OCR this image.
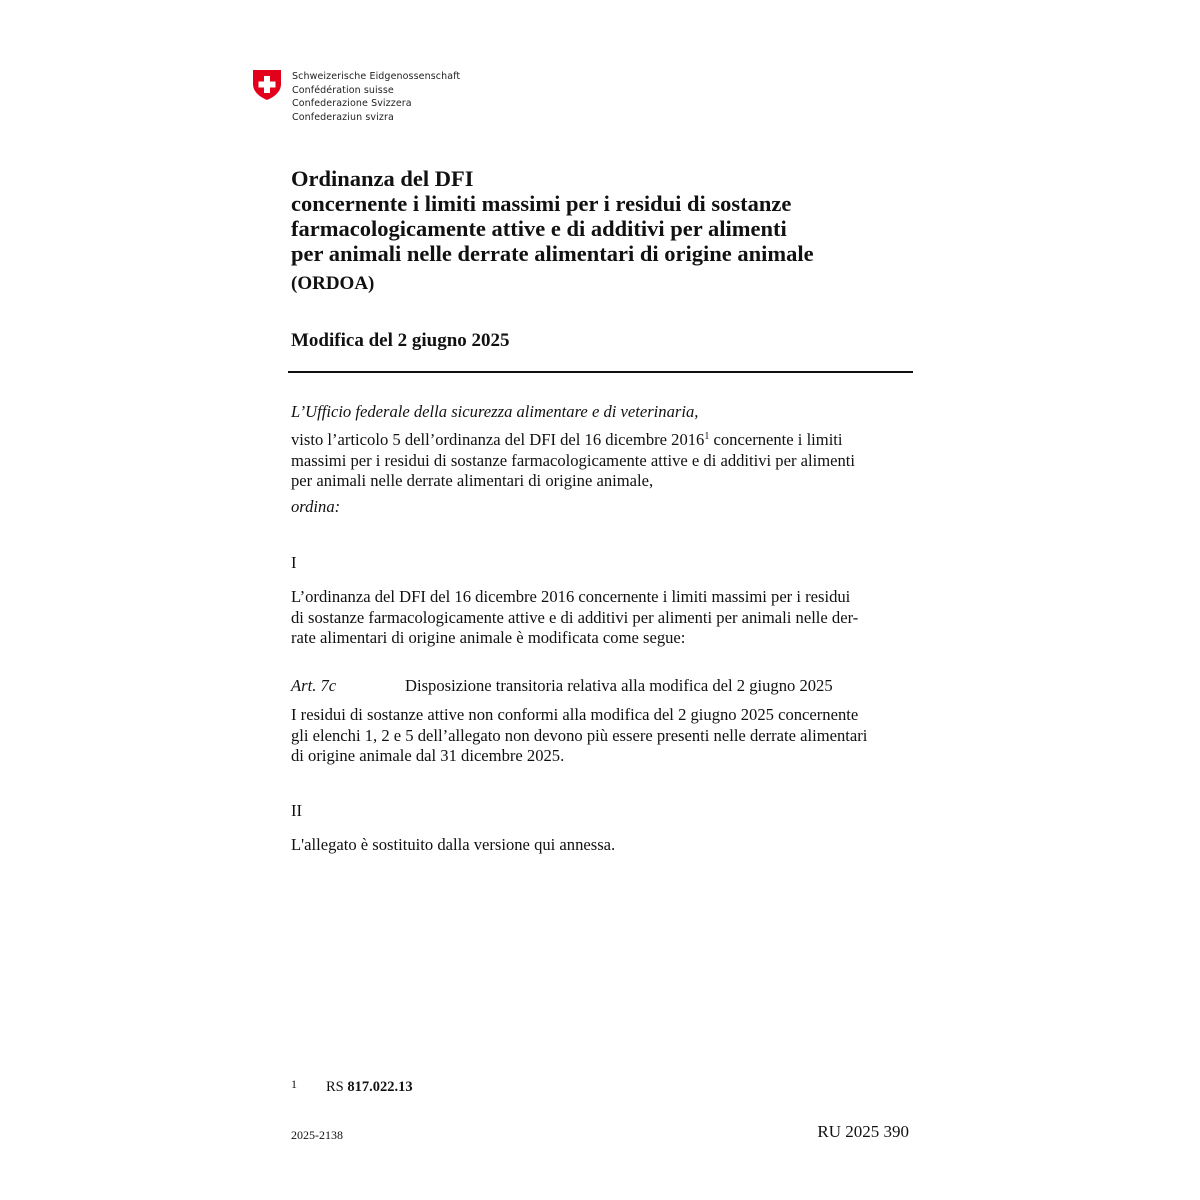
Schweizerische Eidgenossenschaft
Confédération suisse
Confederazione Svizzera
Confederaziun svizra
Ordinanza del DFI
concernente i limiti massimi per i residui di sostanze
farmacologicamente attive e di additivi per alimenti
per animali nelle derrate alimentari di origine animale
(ORDOA)
Modifica del 2 giugno 2025
L’Ufficio federale della sicurezza alimentare e di veterinaria,
visto l’articolo 5 dell’ordinanza del DFI del 16 dicembre 2016$^1$ concernente i limiti
massimi per i residui di sostanze farmacologicamente attive e di additivi per alimenti
per animali nelle derrate alimentari di origine animale,
ordina:
I
L’ordinanza del DFI del 16 dicembre 2016 concernente i limiti massimi per i residui
di sostanze farmacologicamente attive e di additivi per alimenti per animali nelle der-
rate alimentari di origine animale è modificata come segue:
Art. 7c	Disposizione transitoria relativa alla modifica del 2 giugno 2025
I residui di sostanze attive non conformi alla modifica del 2 giugno 2025 concernente
gli elenchi 1, 2 e 5 dell’allegato non devono più essere presenti nelle derrate alimentari
di origine animale dal 31 dicembre 2025.
II
L'allegato è sostituito dalla versione qui annessa.
1 RS 817.022.13
2025-2138	RU 2025 390
